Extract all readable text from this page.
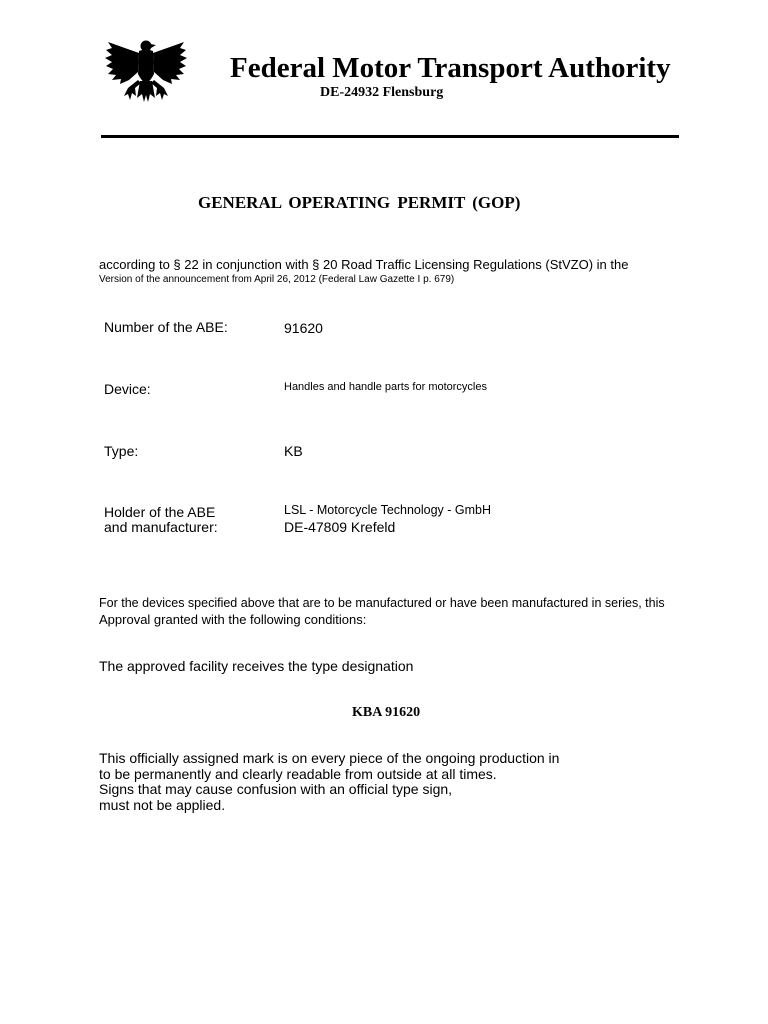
Federal Motor Transport Authority
DE-24932 Flensburg
GENERAL OPERATING PERMIT (GOP)
according to § 22 in conjunction with § 20 Road Traffic Licensing Regulations (StVZO) in the
Version of the announcement from April 26, 2012 (Federal Law Gazette I p. 679)
Number of the ABE:	91620
Device:	Handles and handle parts for motorcycles
Type:	KB
Holder of the ABE
and manufacturer:
LSL - Motorcycle Technology - GmbH
DE-47809 Krefeld
For the devices specified above that are to be manufactured or have been manufactured in series, this
Approval granted with the following conditions:
The approved facility receives the type designation
KBA 91620
This officially assigned mark is on every piece of the ongoing production in
to be permanently and clearly readable from outside at all times.
Signs that may cause confusion with an official type sign,
must not be applied.
